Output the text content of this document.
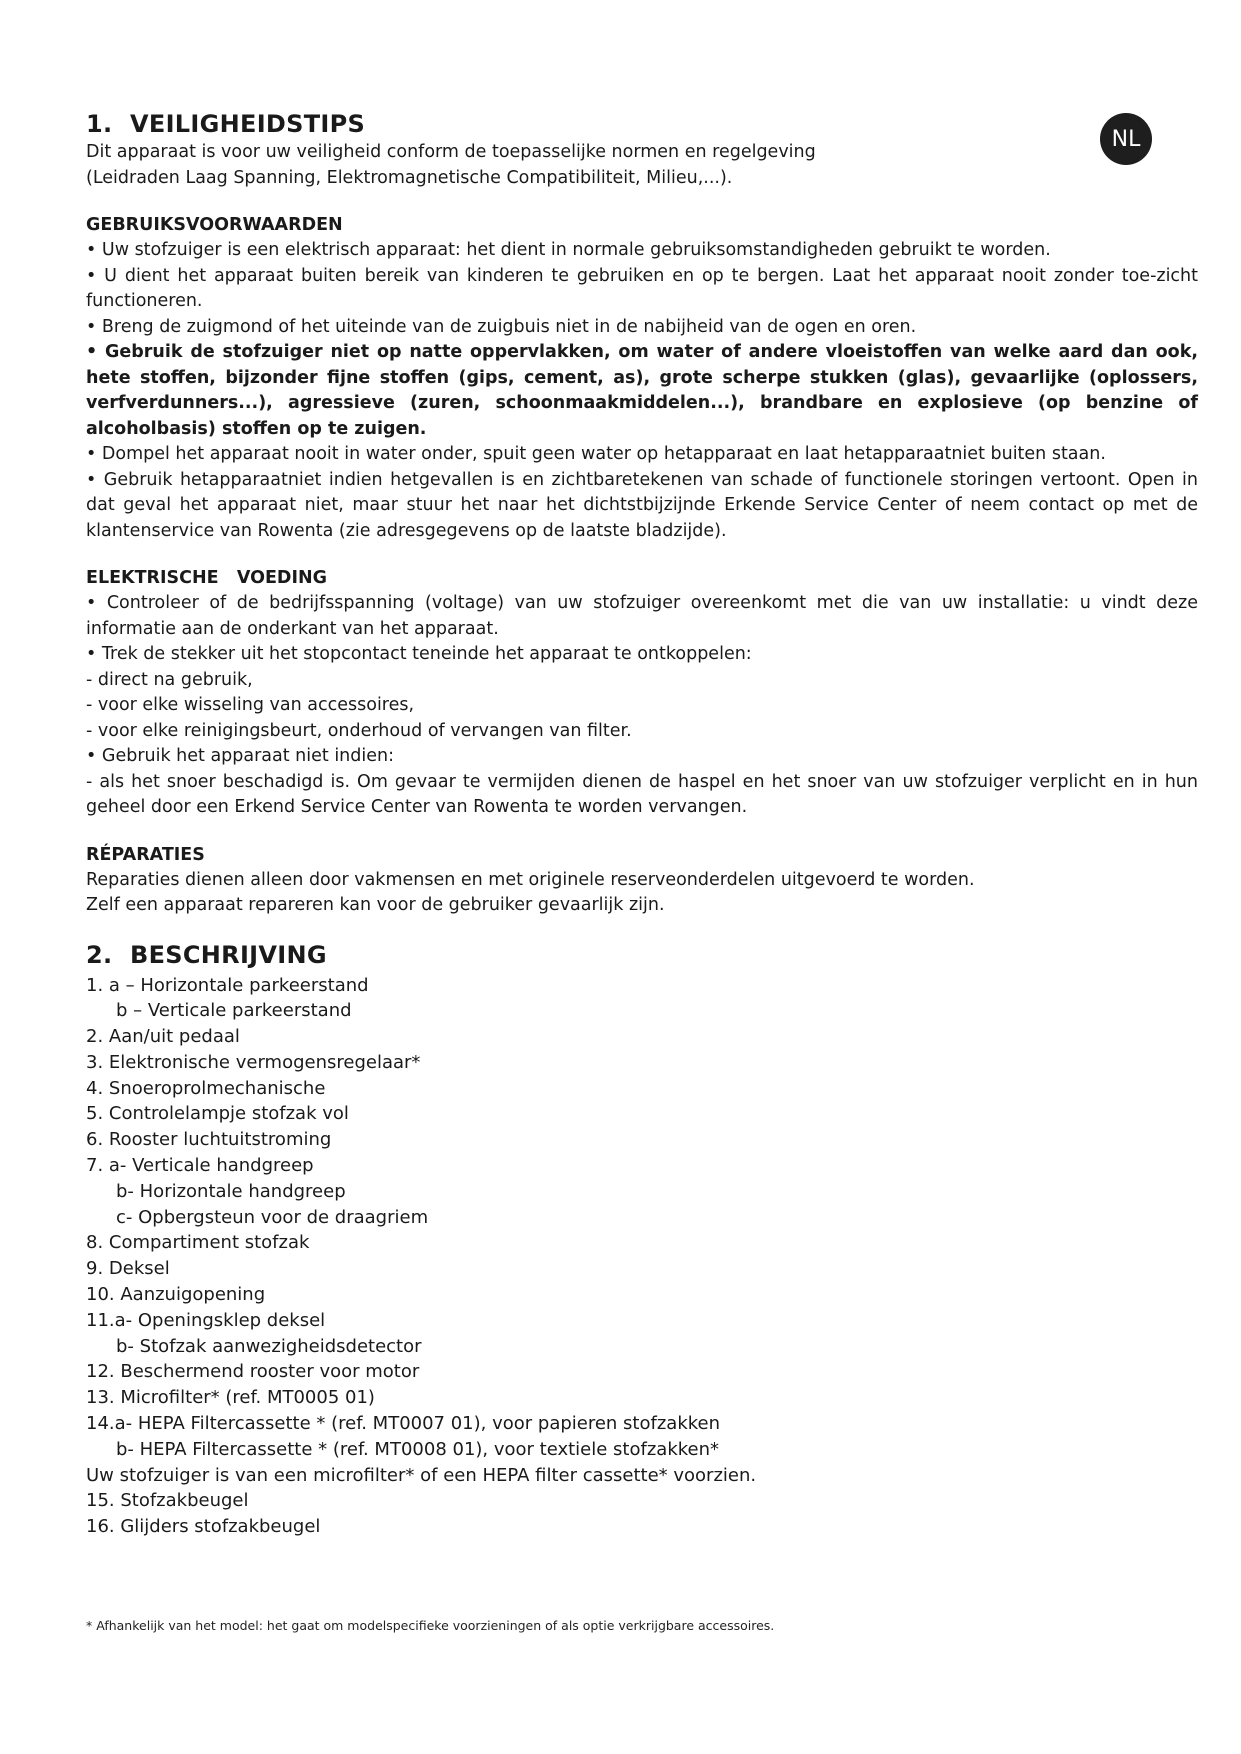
NL
1. VEILIGHEIDSTIPS

Dit apparaat is voor uw veiligheid conform de toepasselijke normen en regelgeving

(Leidraden Laag Spanning, Elektromagnetische Compatibiliteit, Milieu,...).

GEBRUIKSVOORWAARDEN

• Uw stofzuiger is een elektrisch apparaat: het dient in normale gebruiksomstandigheden gebruikt te worden.

• U dient het apparaat buiten bereik van kinderen te gebruiken en op te bergen. Laat het apparaat nooit zonder toe-zicht functioneren.

• Breng de zuigmond of het uiteinde van de zuigbuis niet in de nabijheid van de ogen en oren.

• Gebruik de stofzuiger niet op natte oppervlakken, om water of andere vloeistoffen van welke aard dan ook, hete stoffen, bijzonder fijne stoffen (gips, cement, as), grote scherpe stukken (glas), gevaarlijke (oplossers, verfverdunners...), agressieve (zuren, schoonmaakmiddelen...), brandbare en explosieve (op benzine of alcoholbasis) stoffen op te zuigen.

• Dompel het apparaat nooit in water onder, spuit geen water op hetapparaat en laat hetapparaatniet buiten staan.

• Gebruik hetapparaatniet indien hetgevallen is en zichtbaretekenen van schade of functionele storingen vertoont. Open in dat geval het apparaat niet, maar stuur het naar het dichtstbijzijnde Erkende Service Center of neem contact op met de klantenservice van Rowenta (zie adresgegevens op de laatste bladzijde).

ELEKTRISCHE   VOEDING

• Controleer of de bedrijfsspanning (voltage) van uw stofzuiger overeenkomt met die van uw installatie: u vindt deze informatie aan de onderkant van het apparaat.

• Trek de stekker uit het stopcontact teneinde het apparaat te ontkoppelen:

- direct na gebruik,

- voor elke wisseling van accessoires,

- voor elke reinigingsbeurt, onderhoud of vervangen van filter.

• Gebruik het apparaat niet indien:

- als het snoer beschadigd is. Om gevaar te vermijden dienen de haspel en het snoer van uw stofzuiger verplicht en in hun geheel door een Erkend Service Center van Rowenta te worden vervangen.

RÉPARATIES

Reparaties dienen alleen door vakmensen en met originele reserveonderdelen uitgevoerd te worden.

Zelf een apparaat repareren kan voor de gebruiker gevaarlijk zijn.

2. BESCHRIJVING
1. a – Horizontale parkeerstand
b – Verticale parkeerstand
2. Aan/uit pedaal
3. Elektronische vermogensregelaar*
4. Snoeroprolmechanische
5. Controlelampje stofzak vol
6. Rooster luchtuitstroming
7. a- Verticale handgreep
b- Horizontale handgreep
c- Opbergsteun voor de draagriem
8. Compartiment stofzak
9. Deksel
10. Aanzuigopening
11.a- Openingsklep deksel
b- Stofzak aanwezigheidsdetector
12. Beschermend rooster voor motor
13. Microfilter* (ref. MT0005 01)
14.a- HEPA Filtercassette * (ref. MT0007 01), voor papieren stofzakken
b- HEPA Filtercassette * (ref. MT0008 01), voor textiele stofzakken*
Uw stofzuiger is van een microfilter* of een HEPA filter cassette* voorzien.
15. Stofzakbeugel
16. Glijders stofzakbeugel
* Afhankelijk van het model: het gaat om modelspecifieke voorzieningen of als optie verkrijgbare accessoires.
